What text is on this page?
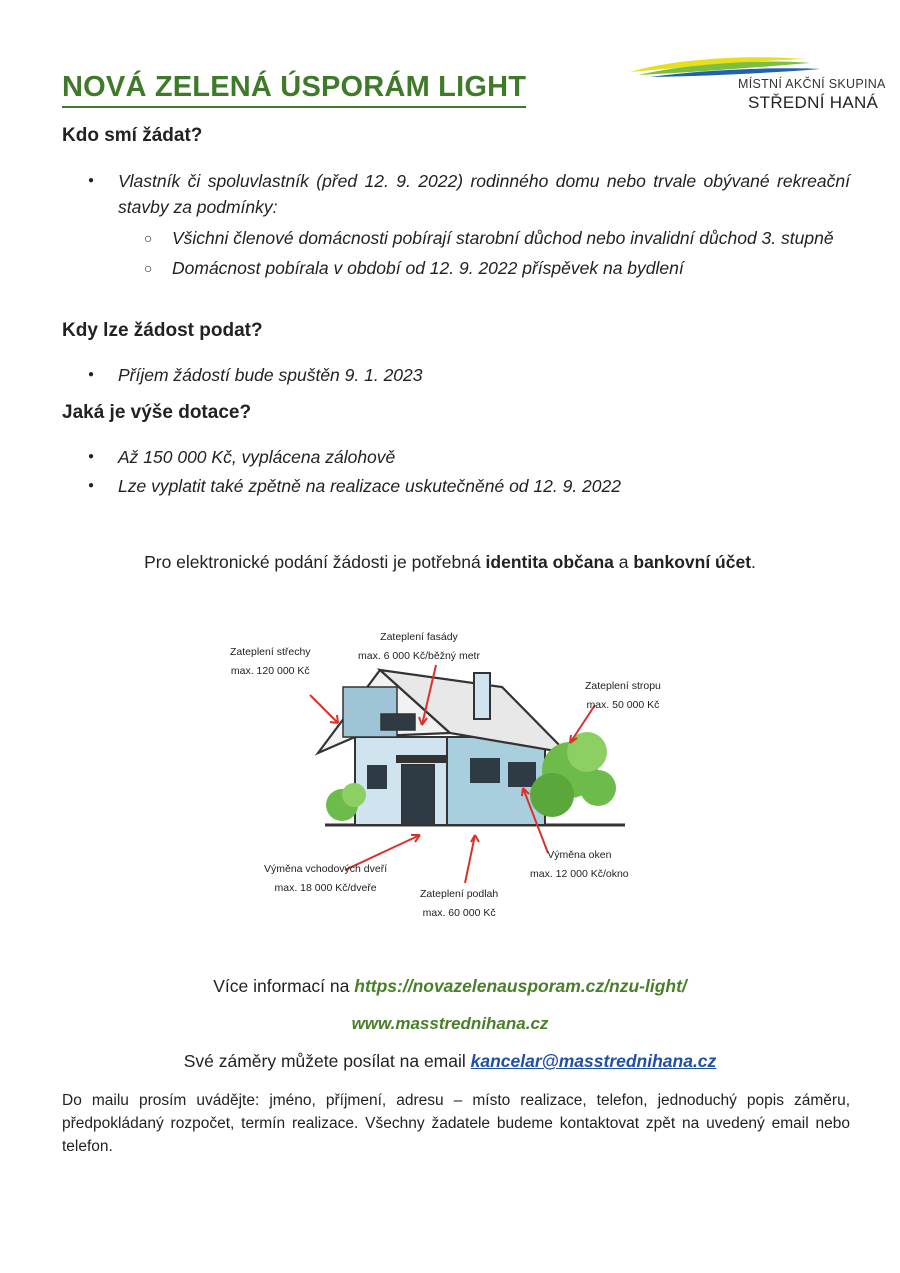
NOVÁ ZELENÁ ÚSPORÁM LIGHT	MÍSTNÍ AKČNÍ SKUPINA
STŘEDNÍ HANÁ
Kdo smí žádat?
● Vlastník či spoluvlastník (před 12. 9. 2022) rodinného domu nebo trvale obývané rekreační stavby za podmínky:
○ Všichni členové domácnosti pobírají starobní důchod nebo invalidní důchod 3. stupně
○ Domácnost pobírala v období od 12. 9. 2022 příspěvek na bydlení
Kdy lze žádost podat?
● Příjem žádostí bude spuštěn 9. 1. 2023
Jaká je výše dotace?
● Až 150 000 Kč, vyplácena zálohově
● Lze vyplatit také zpětně na realizace uskutečněné od 12. 9. 2022
Pro elektronické podání žádosti je potřebná identita občana a bankovní účet.
Zateplení střechy
max. 120 000 Kč
Zateplení fasády
max. 6 000 Kč/běžný metr
Zateplení stropu
max. 50 000 Kč
Výměna vchodových dveří
max. 18 000 Kč/dveře	Zateplení podlah
max. 60 000 Kč
Výměna oken
max. 12 000 Kč/okno
Více informací na https://novazelenausporam.cz/nzu-light/
www.masstrednihana.cz
Své záměry můžete posílat na email kancelar@masstrednihana.cz
Do mailu prosím uvádějte: jméno, příjmení, adresu – místo realizace, telefon, jednoduchý popis záměru, předpokládaný rozpočet, termín realizace. Všechny žadatele budeme kontaktovat zpět na uvedený email nebo telefon.
